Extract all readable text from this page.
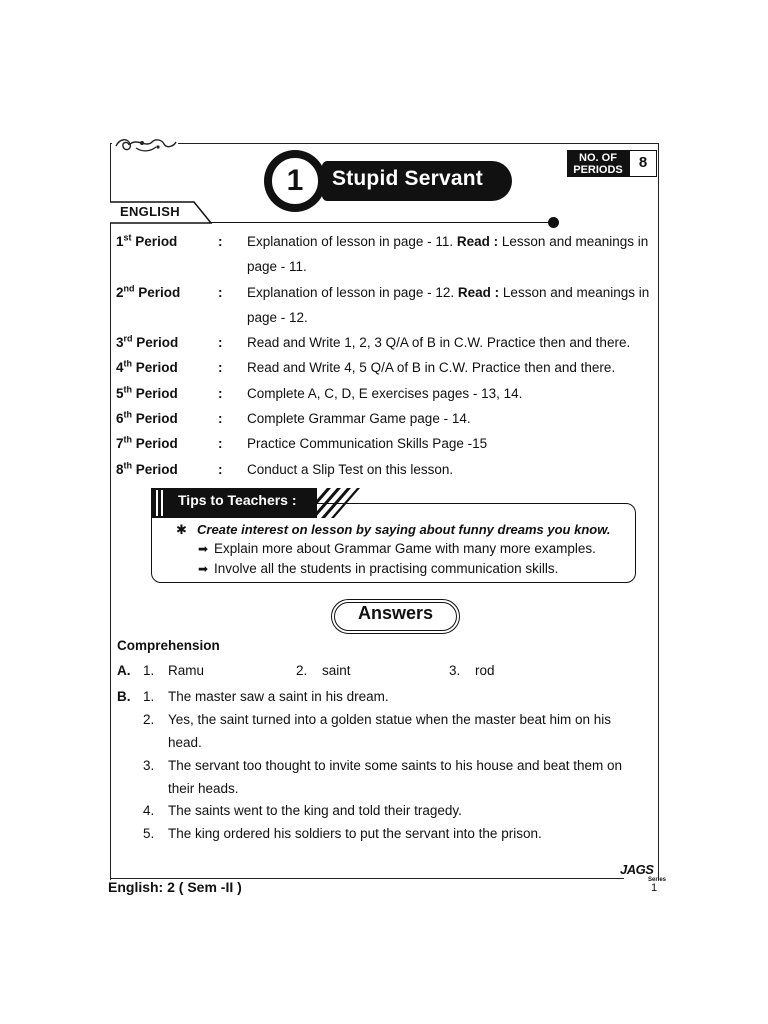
Stupid Servant
1
NO. OF
PERIODS	8
ENGLISH
1st Period	: Explanation of lesson in page - 11. Read : Lesson and meanings in page - 11.
2nd Period	: Explanation of lesson in page - 12. Read : Lesson and meanings in page - 12.
3rd Period	: Read and Write 1, 2, 3 Q/A of B in C.W. Practice then and there.
4th Period	: Read and Write 4, 5 Q/A of B in C.W. Practice then and there.
5th Period	: Complete A, C, D, E exercises pages - 13, 14.
6th Period	: Complete Grammar Game page - 14.
7th Period	: Practice Communication Skills Page -15
8th Period	: Conduct a Slip Test on this lesson.
Tips to Teachers :
✱ Create interest on lesson by saying about funny dreams you know.
➡ Explain more about Grammar Game with many more examples.
➡ Involve all the students in practising communication skills.
Answers
Comprehension
A. 1. Ramu	2. saint	3. rod
B. 1. The master saw a saint in his dream.
2. Yes, the saint turned into a golden statue when the master beat him on his
head.
3. The servant too thought to invite some saints to his house and beat them on
their heads.
4. The saints went to the king and told their tragedy.
5. The king ordered his soldiers to put the servant into the prison.
English: 2 ( Sem -II )
JAGS
Series
1
